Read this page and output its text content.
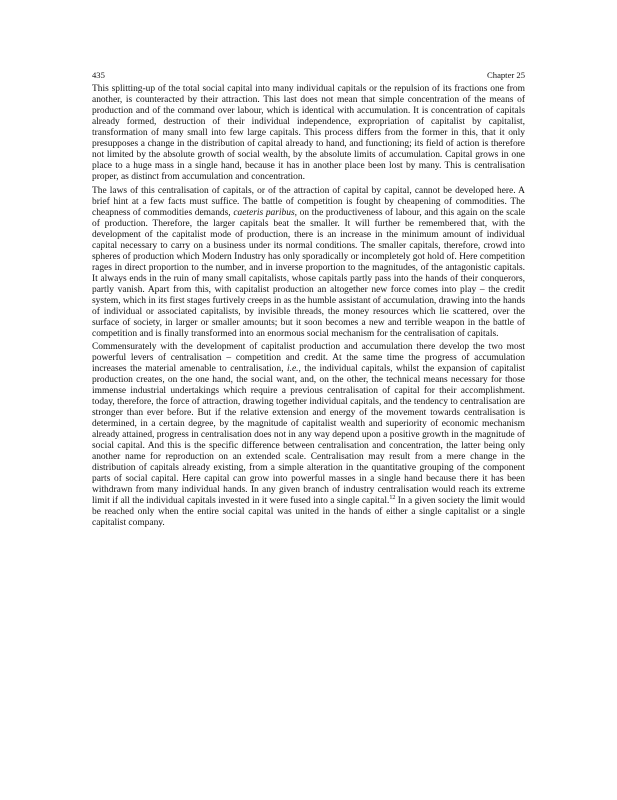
435	Chapter 25

This splitting-up of the total social capital into many individual capitals or the repulsion of its fractions one from another, is counteracted by their attraction. This last does not mean that simple concentration of the means of production and of the command over labour, which is identical with accumulation. It is concentration of capitals already formed, destruction of their individual independence, expropriation of capitalist by capitalist, transformation of many small into few large capitals. This process differs from the former in this, that it only presupposes a change in the distribution of capital already to hand, and functioning; its field of action is therefore not limited by the absolute growth of social wealth, by the absolute limits of accumulation. Capital grows in one place to a huge mass in a single hand, because it has in another place been lost by many. This is centralisation proper, as distinct from accumulation and concentration.

The laws of this centralisation of capitals, or of the attraction of capital by capital, cannot be developed here. A brief hint at a few facts must suffice. The battle of competition is fought by cheapening of commodities. The cheapness of commodities demands, caeteris paribus, on the productiveness of labour, and this again on the scale of production. Therefore, the larger capitals beat the smaller. It will further be remembered that, with the development of the capitalist mode of production, there is an increase in the minimum amount of individual capital necessary to carry on a business under its normal conditions. The smaller capitals, therefore, crowd into spheres of production which Modern Industry has only sporadically or incompletely got hold of. Here competition rages in direct proportion to the number, and in inverse proportion to the magnitudes, of the antagonistic capitals. It always ends in the ruin of many small capitalists, whose capitals partly pass into the hands of their conquerors, partly vanish. Apart from this, with capitalist production an altogether new force comes into play – the credit system, which in its first stages furtively creeps in as the humble assistant of accumulation, drawing into the hands of individual or associated capitalists, by invisible threads, the money resources which lie scattered, over the surface of society, in larger or smaller amounts; but it soon becomes a new and terrible weapon in the battle of competition and is finally transformed into an enormous social mechanism for the centralisation of capitals.

Commensurately with the development of capitalist production and accumulation there develop the two most powerful levers of centralisation – competition and credit. At the same time the progress of accumulation increases the material amenable to centralisation, i.e., the individual capitals, whilst the expansion of capitalist production creates, on the one hand, the social want, and, on the other, the technical means necessary for those immense industrial undertakings which require a previous centralisation of capital for their accomplishment. today, therefore, the force of attraction, drawing together individual capitals, and the tendency to centralisation are stronger than ever before. But if the relative extension and energy of the movement towards centralisation is determined, in a certain degree, by the magnitude of capitalist wealth and superiority of economic mechanism already attained, progress in centralisation does not in any way depend upon a positive growth in the magnitude of social capital. And this is the specific difference between centralisation and concentration, the latter being only another name for reproduction on an extended scale. Centralisation may result from a mere change in the distribution of capitals already existing, from a simple alteration in the quantitative grouping of the component parts of social capital. Here capital can grow into powerful masses in a single hand because there it has been withdrawn from many individual hands. In any given branch of industry centralisation would reach its extreme limit if all the individual capitals invested in it were fused into a single capital.$^{12}$ In a given society the limit would be reached only when the entire social capital was united in the hands of either a single capitalist or a single capitalist company.
